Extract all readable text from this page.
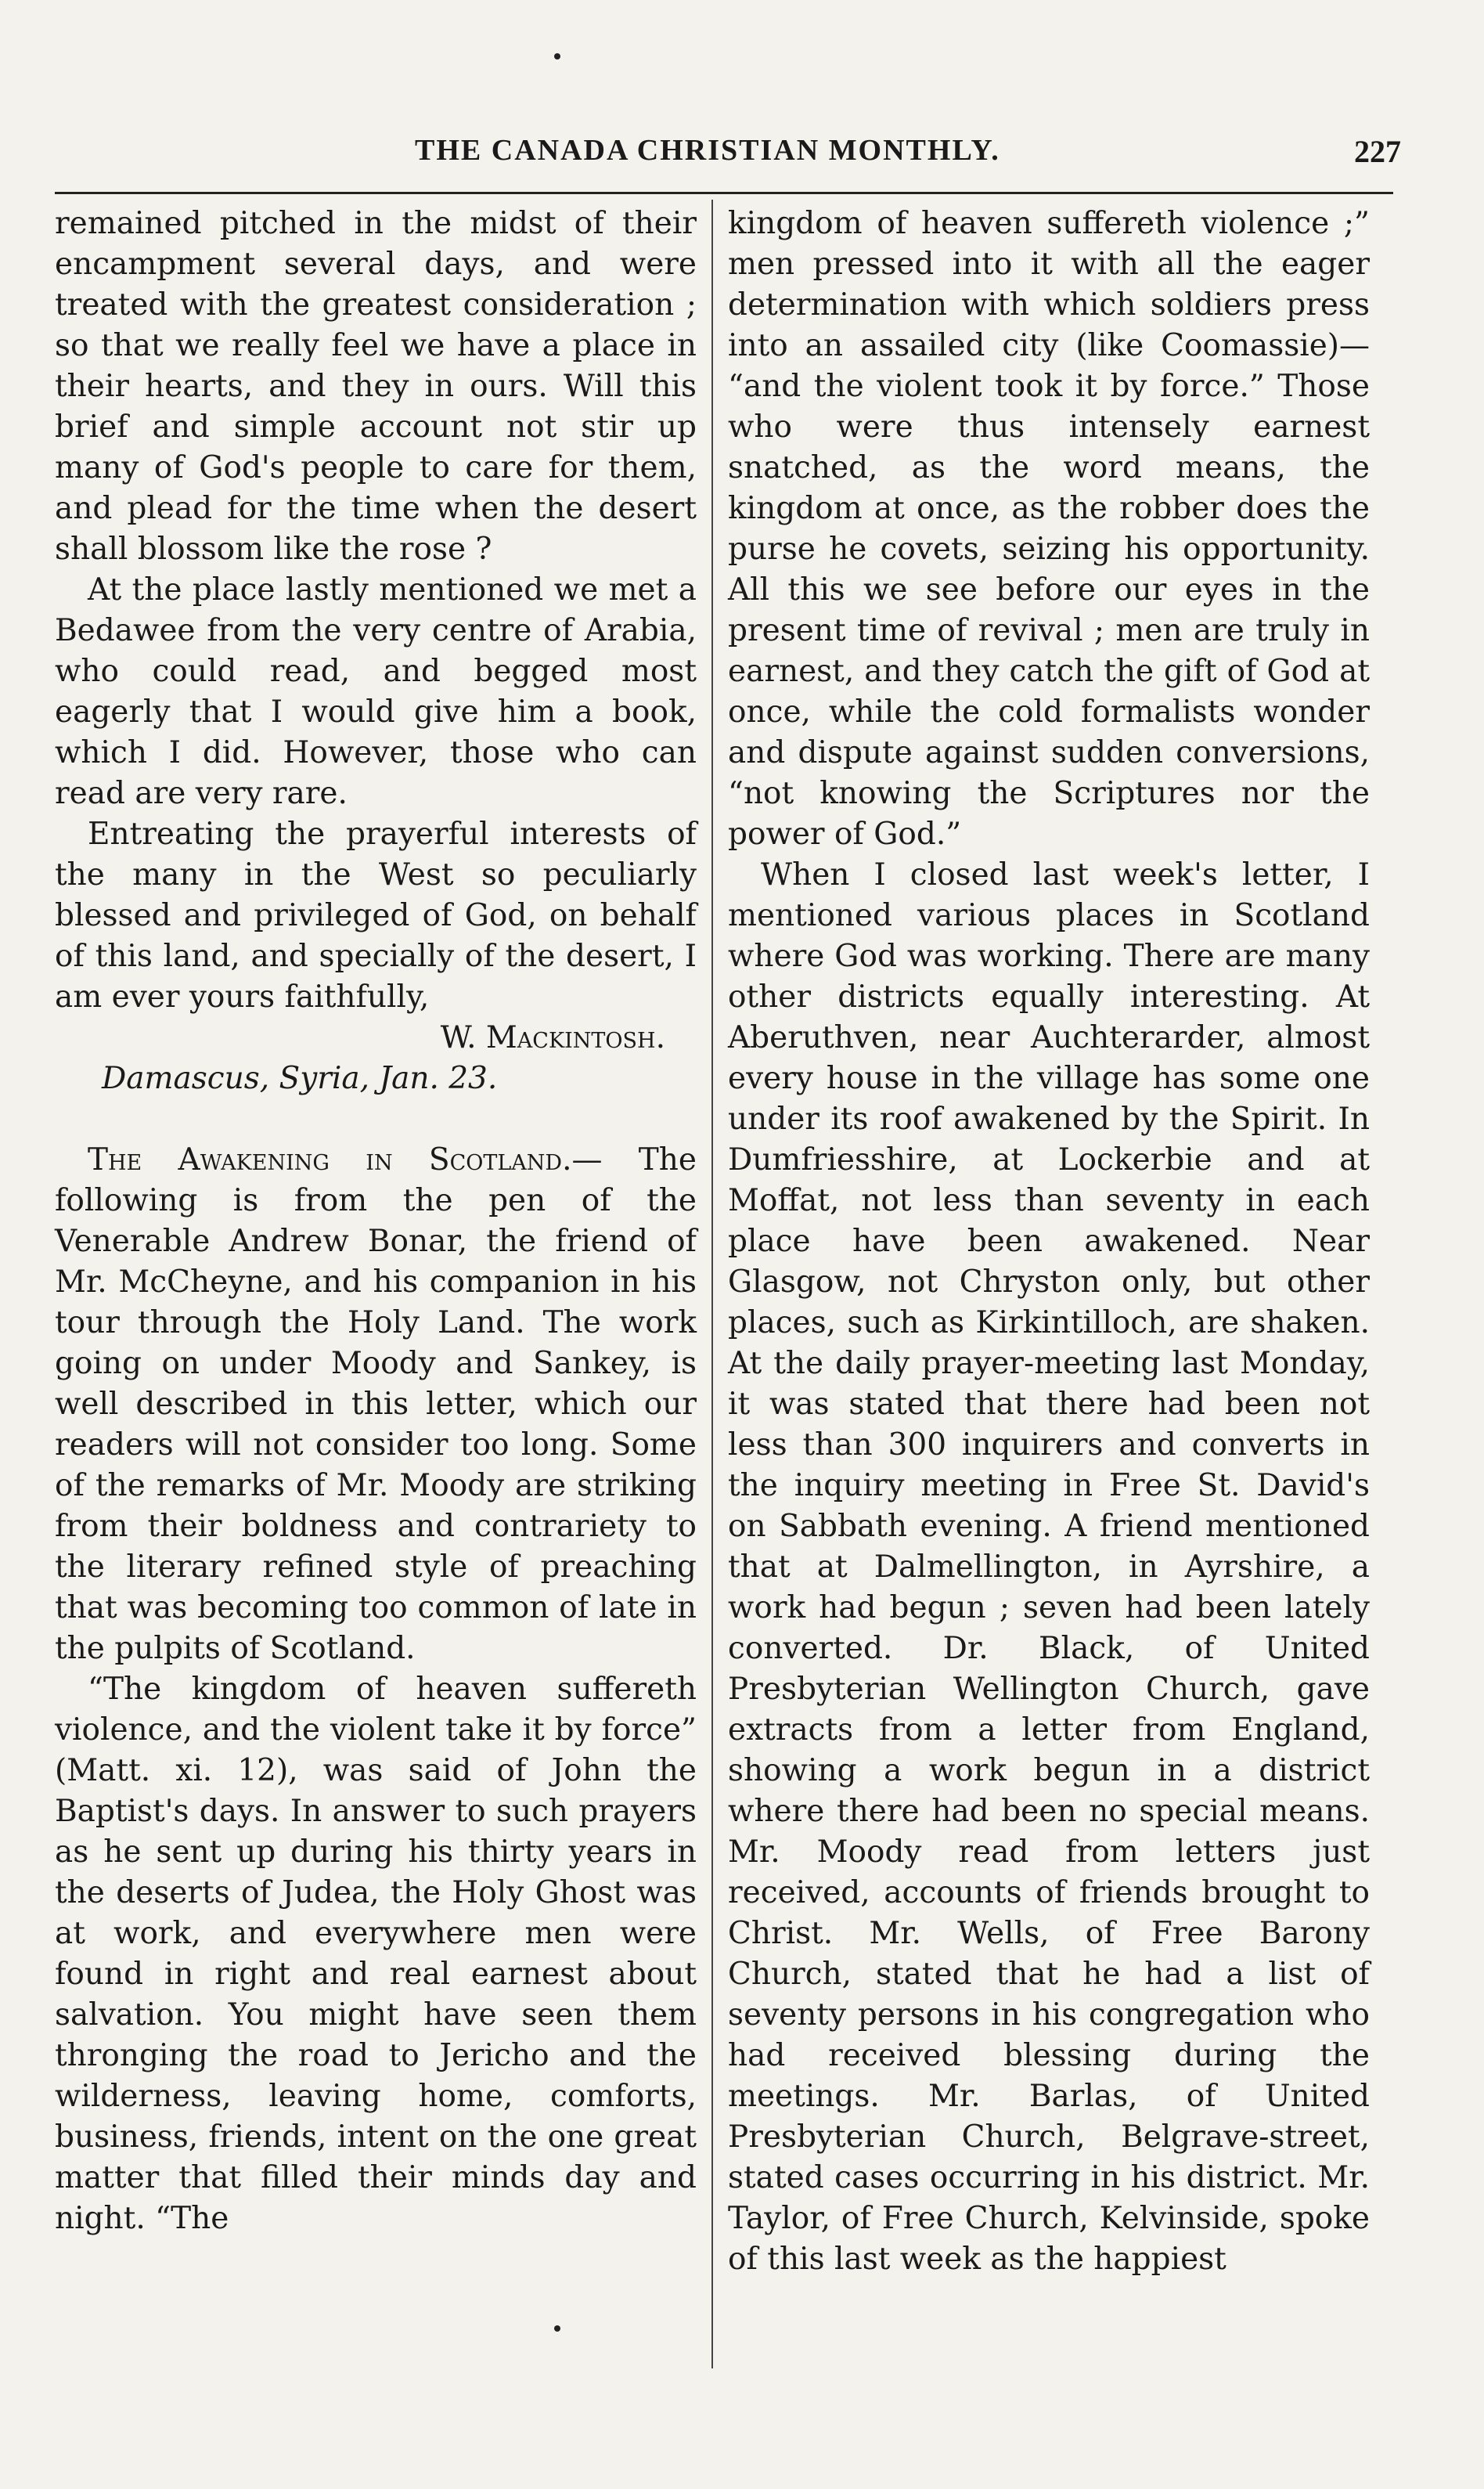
THE CANADA CHRISTIAN MONTHLY.	227

remained pitched in the midst of their encampment several days, and were treated with the greatest consideration ; so that we really feel we have a place in their hearts, and they in ours. Will this brief and simple account not stir up many of God's people to care for them, and plead for the time when the desert shall blossom like the rose ?

At the place lastly mentioned we met a Bedawee from the very centre of Arabia, who could read, and begged most eagerly that I would give him a book, which I did. However, those who can read are very rare.

Entreating the prayerful interests of the many in the West so peculiarly blessed and privileged of God, on behalf of this land, and specially of the desert, I am ever yours faithfully,

W. Mackintosh.

Damascus, Syria, Jan. 23.

The Awakening in Scotland.— The following is from the pen of the Venerable Andrew Bonar, the friend of Mr. McCheyne, and his companion in his tour through the Holy Land. The work going on under Moody and Sankey, is well described in this letter, which our readers will not consider too long. Some of the remarks of Mr. Moody are striking from their boldness and contrariety to the literary refined style of preaching that was becoming too common of late in the pulpits of Scotland.

“The kingdom of heaven suffereth violence, and the violent take it by force” (Matt. xi. 12), was said of John the Baptist's days. In answer to such prayers as he sent up during his thirty years in the deserts of Judea, the Holy Ghost was at work, and everywhere men were found in right and real earnest about salvation. You might have seen them thronging the road to Jericho and the wilderness, leaving home, comforts, business, friends, intent on the one great matter that filled their minds day and night. “The

kingdom of heaven suffereth violence ;” men pressed into it with all the eager determination with which soldiers press into an assailed city (like Coomassie)— “and the violent took it by force.” Those who were thus intensely earnest snatched, as the word means, the kingdom at once, as the robber does the purse he covets, seizing his opportunity. All this we see before our eyes in the present time of revival ; men are truly in earnest, and they catch the gift of God at once, while the cold formalists wonder and dispute against sudden conversions, “not knowing the Scriptures nor the power of God.”

When I closed last week's letter, I mentioned various places in Scotland where God was working. There are many other districts equally interesting. At Aberuthven, near Auchterarder, almost every house in the village has some one under its roof awakened by the Spirit. In Dumfriesshire, at Lockerbie and at Moffat, not less than seventy in each place have been awakened. Near Glasgow, not Chryston only, but other places, such as Kirkintilloch, are shaken. At the daily prayer-meeting last Monday, it was stated that there had been not less than 300 inquirers and converts in the inquiry meeting in Free St. David's on Sabbath evening. A friend mentioned that at Dalmellington, in Ayrshire, a work had begun ; seven had been lately converted. Dr. Black, of United Presbyterian Wellington Church, gave extracts from a letter from England, showing a work begun in a district where there had been no special means. Mr. Moody read from letters just received, accounts of friends brought to Christ. Mr. Wells, of Free Barony Church, stated that he had a list of seventy persons in his congregation who had received blessing during the meetings. Mr. Barlas, of United Presbyterian Church, Belgrave-street, stated cases occurring in his district. Mr. Taylor, of Free Church, Kelvinside, spoke of this last week as the happiest
